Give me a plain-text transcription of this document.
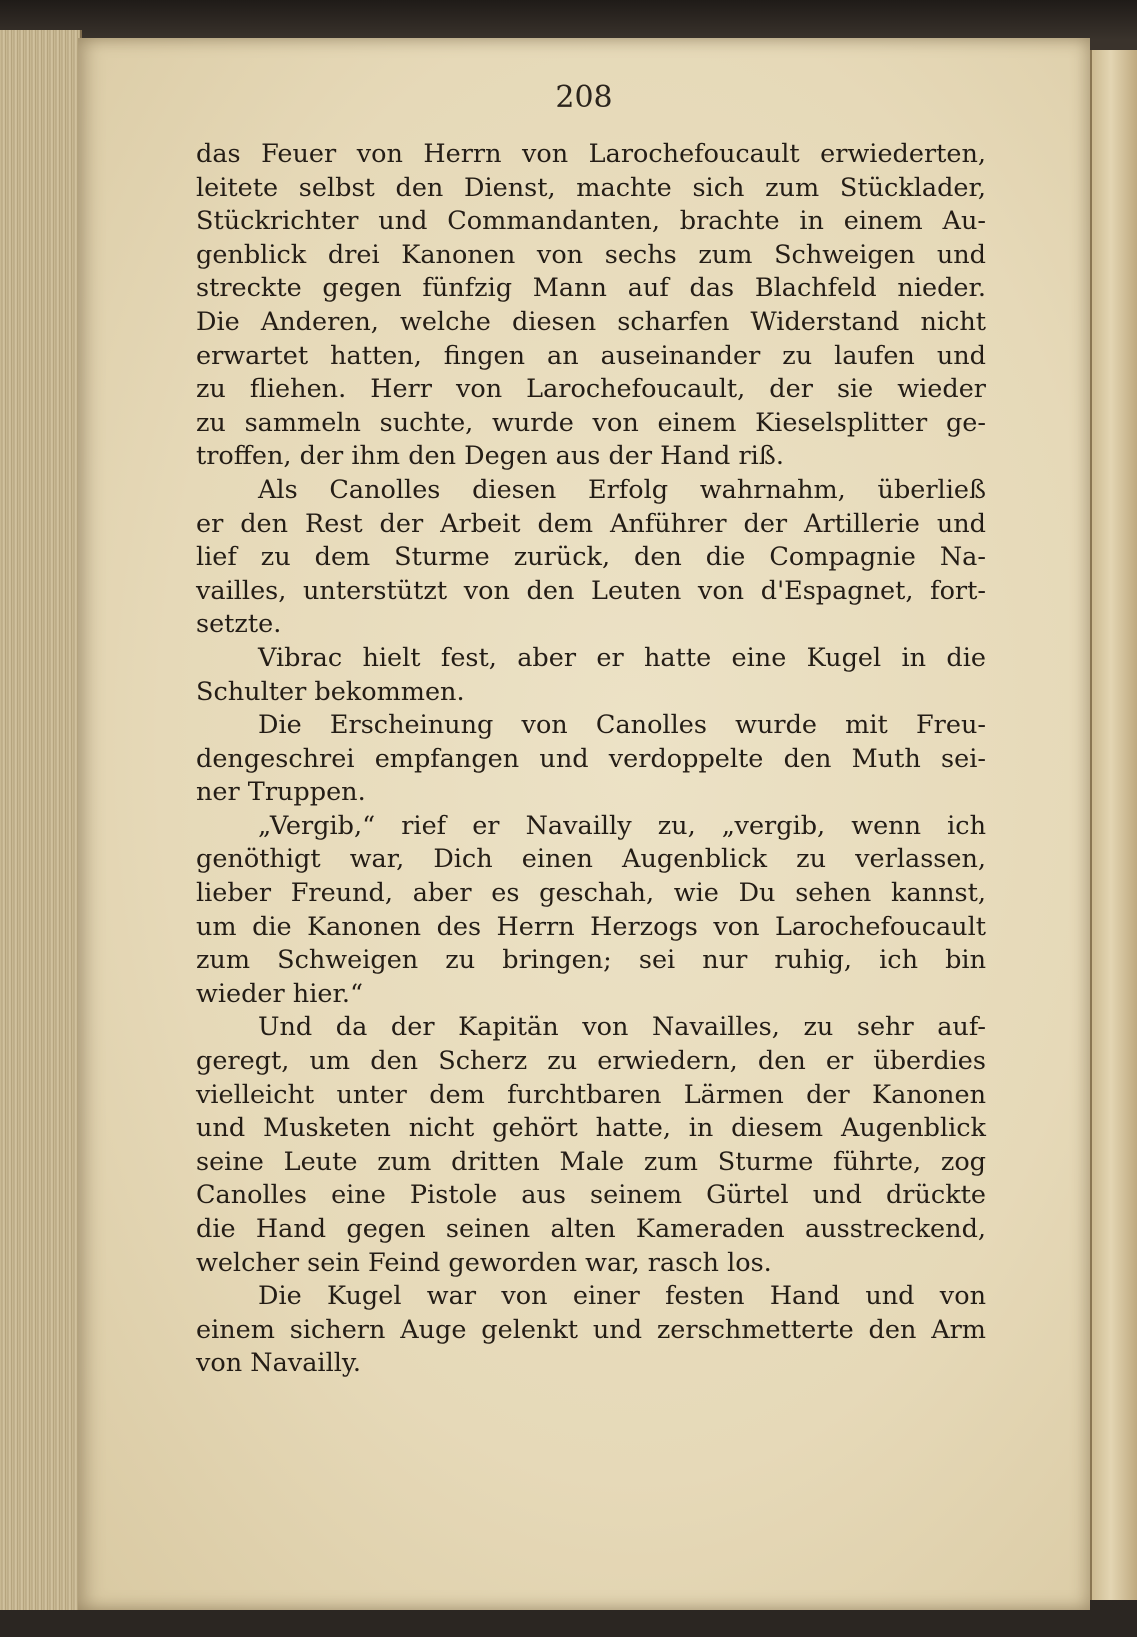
208
das Feuer von Herrn von Larochefoucault erwiederten,
leitete selbst den Dienst, machte sich zum Stücklader,
Stückrichter und Commandanten, brachte in einem Au-
genblick drei Kanonen von sechs zum Schweigen und
streckte gegen fünfzig Mann auf das Blachfeld nieder.
Die Anderen, welche diesen scharfen Widerstand nicht
erwartet hatten, fingen an auseinander zu laufen und
zu fliehen. Herr von Larochefoucault, der sie wieder
zu sammeln suchte, wurde von einem Kieselsplitter ge-
troffen, der ihm den Degen aus der Hand riß.
Als Canolles diesen Erfolg wahrnahm, überließ
er den Rest der Arbeit dem Anführer der Artillerie und
lief zu dem Sturme zurück, den die Compagnie Na-
vailles, unterstützt von den Leuten von d'Espagnet, fort-
setzte.
Vibrac hielt fest, aber er hatte eine Kugel in die
Schulter bekommen.
Die Erscheinung von Canolles wurde mit Freu-
dengeschrei empfangen und verdoppelte den Muth sei-
ner Truppen.
„Vergib,“ rief er Navailly zu, „vergib, wenn ich
genöthigt war, Dich einen Augenblick zu verlassen,
lieber Freund, aber es geschah, wie Du sehen kannst,
um die Kanonen des Herrn Herzogs von Larochefoucault
zum Schweigen zu bringen; sei nur ruhig, ich bin
wieder hier.“
Und da der Kapitän von Navailles, zu sehr auf-
geregt, um den Scherz zu erwiedern, den er überdies
vielleicht unter dem furchtbaren Lärmen der Kanonen
und Musketen nicht gehört hatte, in diesem Augenblick
seine Leute zum dritten Male zum Sturme führte, zog
Canolles eine Pistole aus seinem Gürtel und drückte
die Hand gegen seinen alten Kameraden ausstreckend,
welcher sein Feind geworden war, rasch los.
Die Kugel war von einer festen Hand und von
einem sichern Auge gelenkt und zerschmetterte den Arm
von Navailly.
